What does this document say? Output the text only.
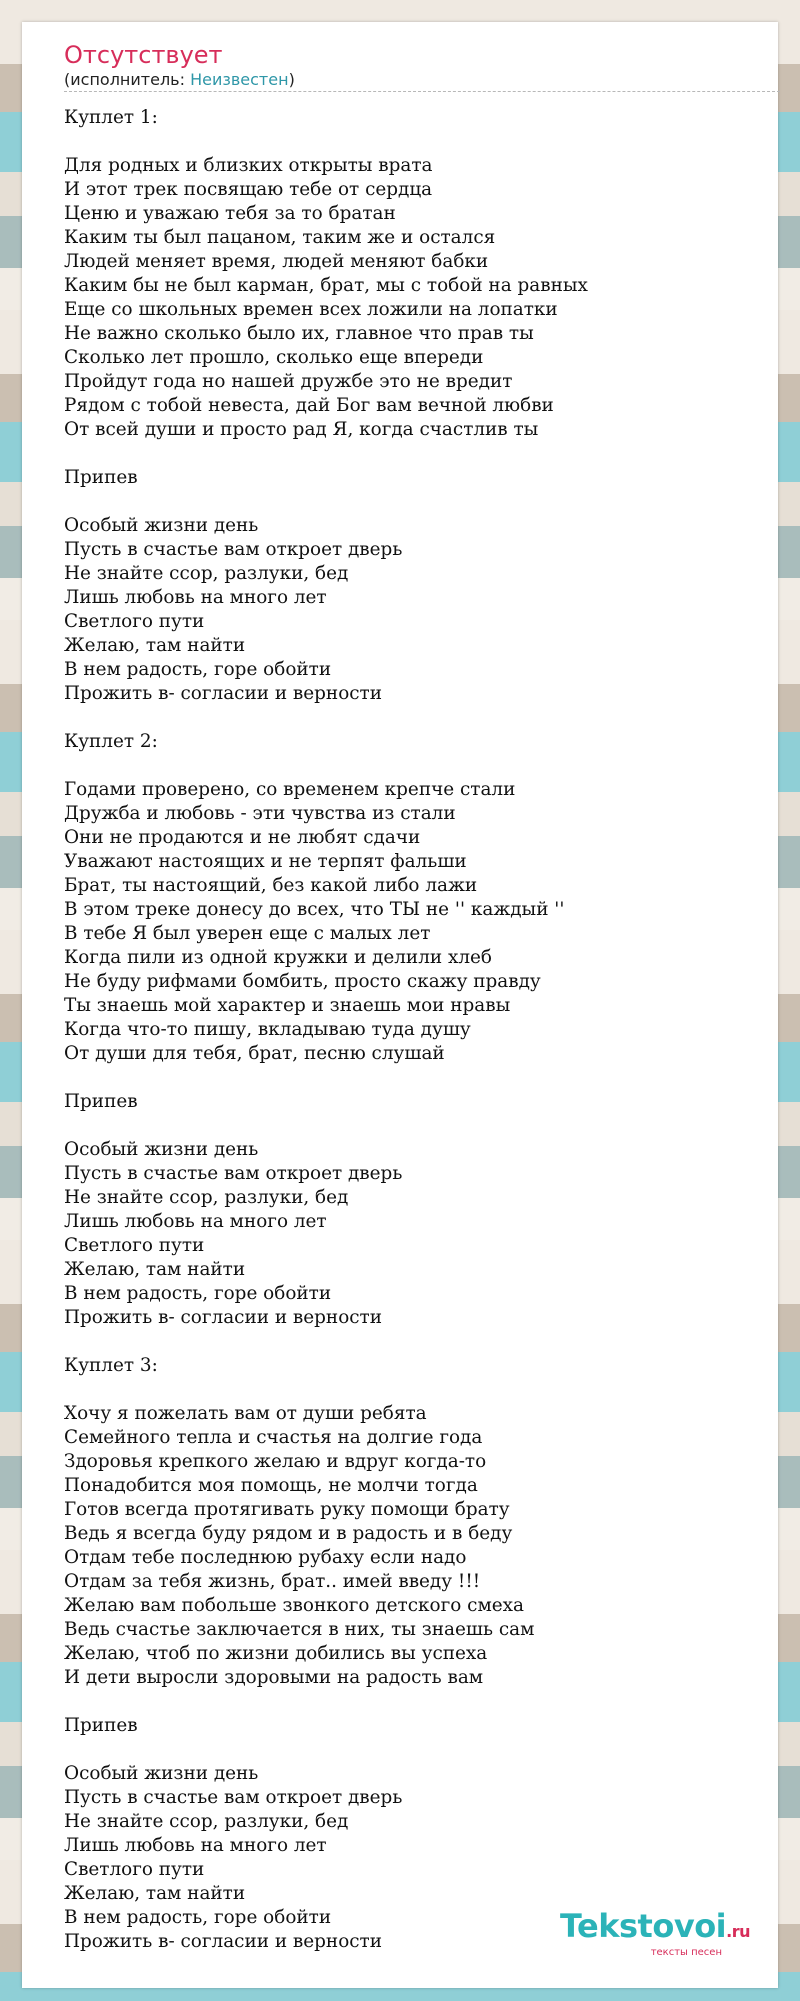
Отсутствует
(исполнитель: Неизвестен)
Куплет 1:
Для родных и близких открыты врата
И этот трек посвящаю тебе от сердца
Ценю и уважаю тебя за то братан
Каким ты был пацаном, таким же и остался
Людей меняет время, людей меняют бабки
Каким бы не был карман, брат, мы с тобой на равных
Еще со школьных времен всех ложили на лопатки
Не важно сколько было их, главное что прав ты
Сколько лет прошло, сколько еще впереди
Пройдут года но нашей дружбе это не вредит
Рядом с тобой невеста, дай Бог вам вечной любви
От всей души и просто рад Я, когда счастлив ты
Припев
Особый жизни день
Пусть в счастье вам откроет дверь
Не знайте ссор, разлуки, бед
Лишь любовь на много лет
Светлого пути
Желаю, там найти
В нем радость, горе обойти
Прожить в- согласии и верности
Куплет 2:
Годами проверено, со временем крепче стали
Дружба и любовь - эти чувства из стали
Они не продаются и не любят сдачи
Уважают настоящих и не терпят фальши
Брат, ты настоящий, без какой либо лажи
В этом треке донесу до всех, что ТЫ не '' каждый ''
В тебе Я был уверен еще с малых лет
Когда пили из одной кружки и делили хлеб
Не буду рифмами бомбить, просто скажу правду
Ты знаешь мой характер и знаешь мои нравы
Когда что-то пишу, вкладываю туда душу
От души для тебя, брат, песню слушай
Припев
Особый жизни день
Пусть в счастье вам откроет дверь
Не знайте ссор, разлуки, бед
Лишь любовь на много лет
Светлого пути
Желаю, там найти
В нем радость, горе обойти
Прожить в- согласии и верности
Куплет 3:
Хочу я пожелать вам от души ребята
Семейного тепла и счастья на долгие года
Здоровья крепкого желаю и вдруг когда-то
Понадобится моя помощь, не молчи тогда
Готов всегда протягивать руку помощи брату
Ведь я всегда буду рядом и в радость и в беду
Отдам тебе последнюю рубаху если надо
Отдам за тебя жизнь, брат.. имей введу !!!
Желаю вам побольше звонкого детского смеха
Ведь счастье заключается в них, ты знаешь сам
Желаю, чтоб по жизни добились вы успеха
И дети выросли здоровыми на радость вам
Припев
Особый жизни день
Пусть в счастье вам откроет дверь
Не знайте ссор, разлуки, бед
Лишь любовь на много лет
Светлого пути
Желаю, там найти
В нем радость, горе обойти
Прожить в- согласии и верности	Tekstovoi.ru
тексты песен
